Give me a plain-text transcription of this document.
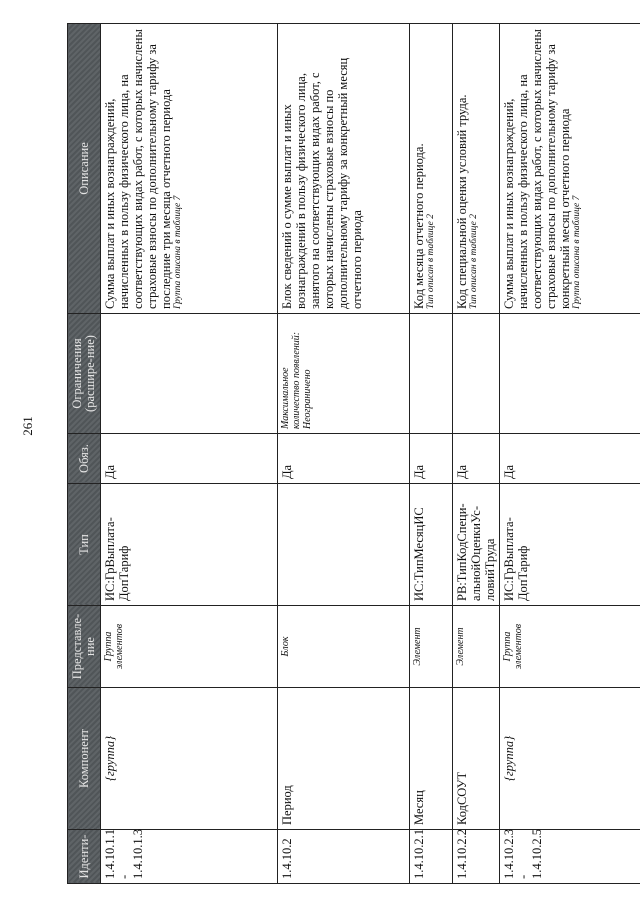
261
Иденти-	Компонент	Представле-ние	Тип	Обяз.	Ограничения (расшире-ние)	Описание
1.4.10.1.1 - 1.4.10.1.3	{группа}	Группа элементов	ИС:ГрВыплата-ДопТариф	Да		Сумма выплат и иных вознаграждений, начисленных в пользу физического лица, на соответствующих видах работ, с которых начислены страховые взносы по дополнительному тарифу за последние три месяца отчетного периода Группа описана в таблице 7

1.4.10.2	Период	Блок		Да	Максимальное количество появлений: Неограничено	Блок сведений о сумме выплат и иных вознаграждений в пользу физического лица, занятого на соответствующих видах работ, с которых начислены страховые взносы по дополнительному тарифу за конкретный месяц отчетного периода

1.4.10.2.1	Месяц	Элемент	ИС:ТипМесяцИС	Да		Код месяца отчетного периода. Тип описан в таблице 2

1.4.10.2.2	КодСОУТ	Элемент	РВ:ТипКодСпеци-альнойОценкиУс-ловийТруда	Да		Код специальной оценки условий труда. Тип описан в таблице 2

1.4.10.2.3 - 1.4.10.2.5	{группа}	Группа элементов	ИС:ГрВыплата-ДопТариф	Да		Сумма выплат и иных вознаграждений, начисленных в пользу физического лица, на соответствующих видах работ, с которых начислены страховые взносы по дополнительному тарифу за конкретный месяц отчетного периода Группа описана в таблице 7
